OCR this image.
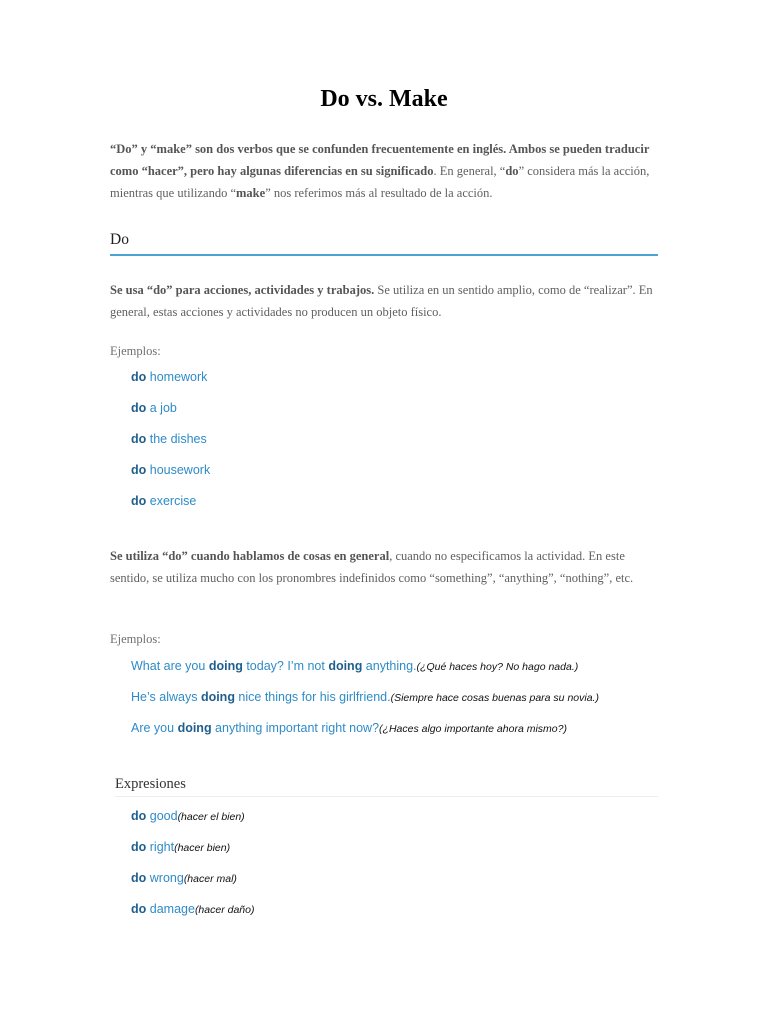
Do vs. Make
“Do” y “make” son dos verbos que se confunden frecuentemente en inglés. Ambos se pueden traducir como “hacer”, pero hay algunas diferencias en su significado. En general, “do” considera más la acción, mientras que utilizando “make” nos referimos más al resultado de la acción.
Do
Se usa “do” para acciones, actividades y trabajos. Se utiliza en un sentido amplio, como de “realizar”. En general, estas acciones y actividades no producen un objeto físico.
Ejemplos:
do homework
do a job
do the dishes
do housework
do exercise
Se utiliza “do” cuando hablamos de cosas en general, cuando no especificamos la actividad. En este sentido, se utiliza mucho con los pronombres indefinidos como “something”, “anything”, “nothing”, etc.
Ejemplos:
What are you doing today? I’m not doing anything.(¿Qué haces hoy? No hago nada.)
He’s always doing nice things for his girlfriend.(Siempre hace cosas buenas para su novia.)
Are you doing anything important right now?(¿Haces algo importante ahora mismo?)
Expresiones
do good(hacer el bien)
do right(hacer bien)
do wrong(hacer mal)
do damage(hacer daño)
